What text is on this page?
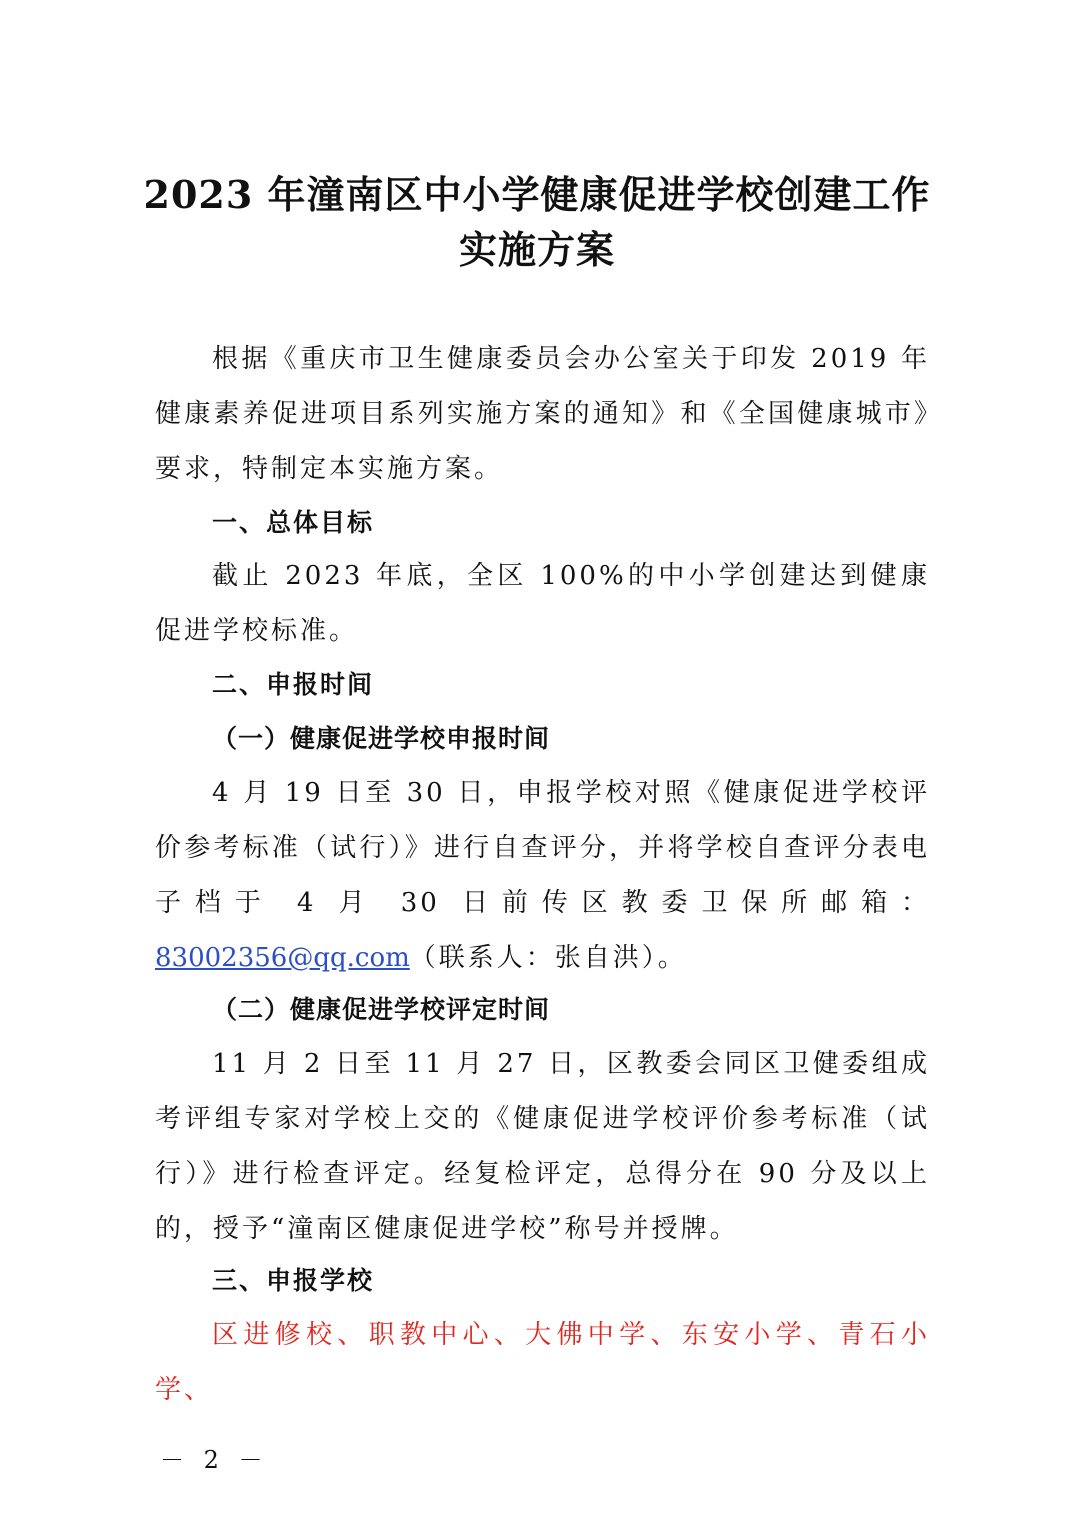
2023 年潼南区中小学健康促进学校创建工作
实施方案

根据《重庆市卫生健康委员会办公室关于印发 2019 年健康素养促进项目系列实施方案的通知》和《全国健康城市》要求，特制定本实施方案。

一、总体目标

截止 2023 年底，全区 100%的中小学创建达到健康促进学校标准。

二、申报时间
（一）健康促进学校申报时间

4 月 19 日至 30 日，申报学校对照《健康促进学校评价参考标准（试行）》进行自查评分，并将学校自查评分表电子档于 4 月 30 日前传区教委卫保所邮箱：83002356@qq.com（联系人：张自洪）。

（二）健康促进学校评定时间

11 月 2 日至 11 月 27 日，区教委会同区卫健委组成考评组专家对学校上交的《健康促进学校评价参考标准（试行）》进行检查评定。经复检评定，总得分在 90 分及以上的，授予“潼南区健康促进学校”称号并授牌。

三、申报学校

区进修校、职教中心、大佛中学、东安小学、青石小学、

－ 2 －
